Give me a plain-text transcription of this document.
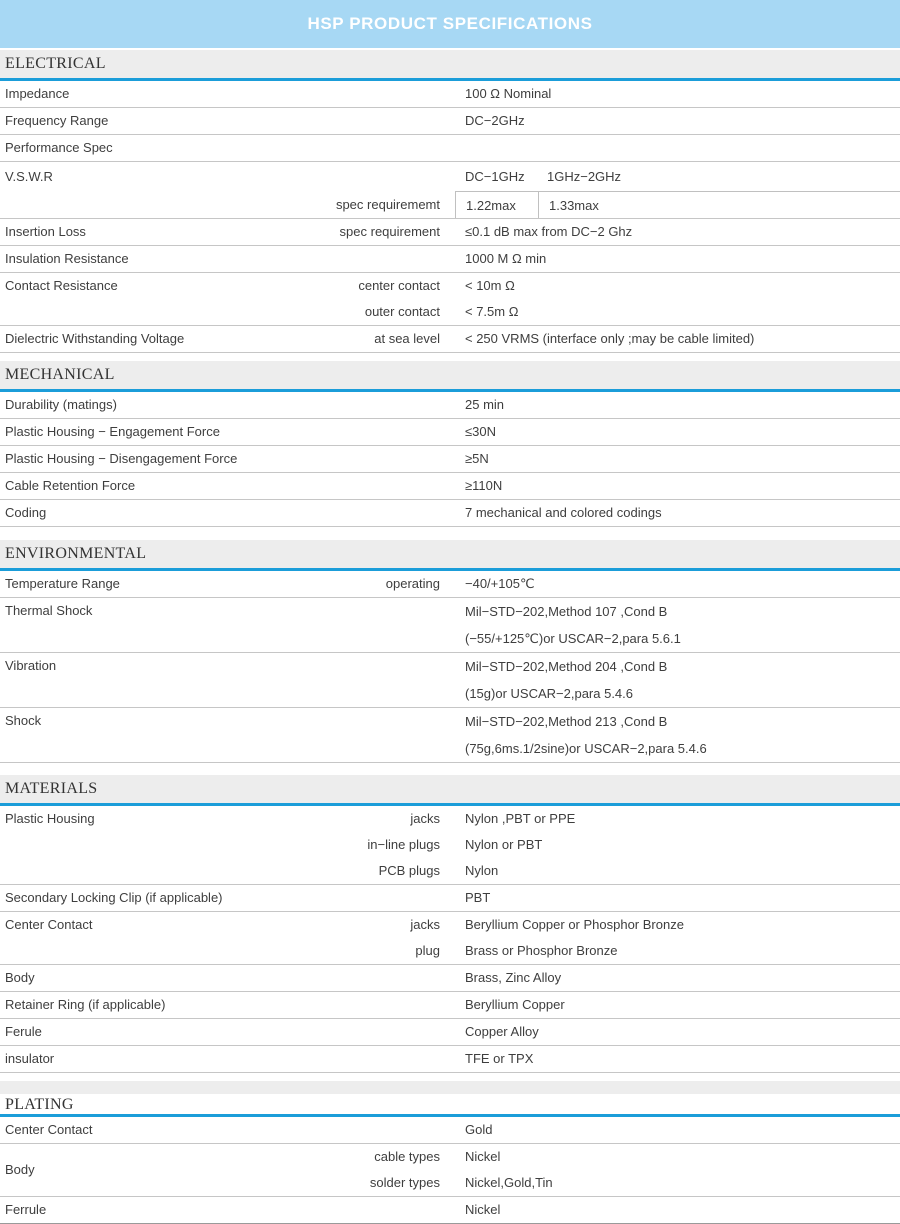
HSP PRODUCT SPECIFICATIONS
ELECTRICAL
Impedance	100 Ω Nominal
Frequency Range	DC−2GHz
Performance Spec
V.S.W.R	DC−1GHz	1GHz−2GHz
spec requirememt 1.22max	1.33max
Insertion Loss	spec requirement	≤0.1 dB max from DC−2 Ghz
Insulation Resistance	1000 M Ω min
Contact Resistance	center contact	< 10m Ω
outer contact	< 7.5m Ω
Dielectric Withstanding Voltage	at sea level	< 250 VRMS (interface only ;may be cable limited)
MECHANICAL
Durability (matings)	25 min
Plastic Housing − Engagement Force	≤30N
Plastic Housing − Disengagement Force	≥5N
Cable Retention Force	≥110N
Coding	7 mechanical and colored codings
ENVIRONMENTAL
Temperature Range	operating	−40/+105℃
Thermal Shock	Mil−STD−202,Method 107 ,Cond B
(−55/+125℃)or USCAR−2,para 5.6.1
Vibration	Mil−STD−202,Method 204 ,Cond B
(15g)or USCAR−2,para 5.4.6
Shock	Mil−STD−202,Method 213 ,Cond B
(75g,6ms.1/2sine)or USCAR−2,para 5.4.6
MATERIALS
Plastic Housing	jacks	Nylon ,PBT or PPE
in−line plugs	Nylon or PBT
PCB plugs	Nylon
Secondary Locking Clip (if applicable)	PBT
Center Contact	jacks	Beryllium Copper or Phosphor Bronze
plug	Brass or Phosphor Bronze
Body	Brass, Zinc Alloy
Retainer Ring (if applicable)	Beryllium Copper
Ferule	Copper Alloy
insulator	TFE or TPX
PLATING
Center Contact	Gold
Body
cable types	Nickel
solder types	Nickel,Gold,Tin
Ferrule	Nickel
